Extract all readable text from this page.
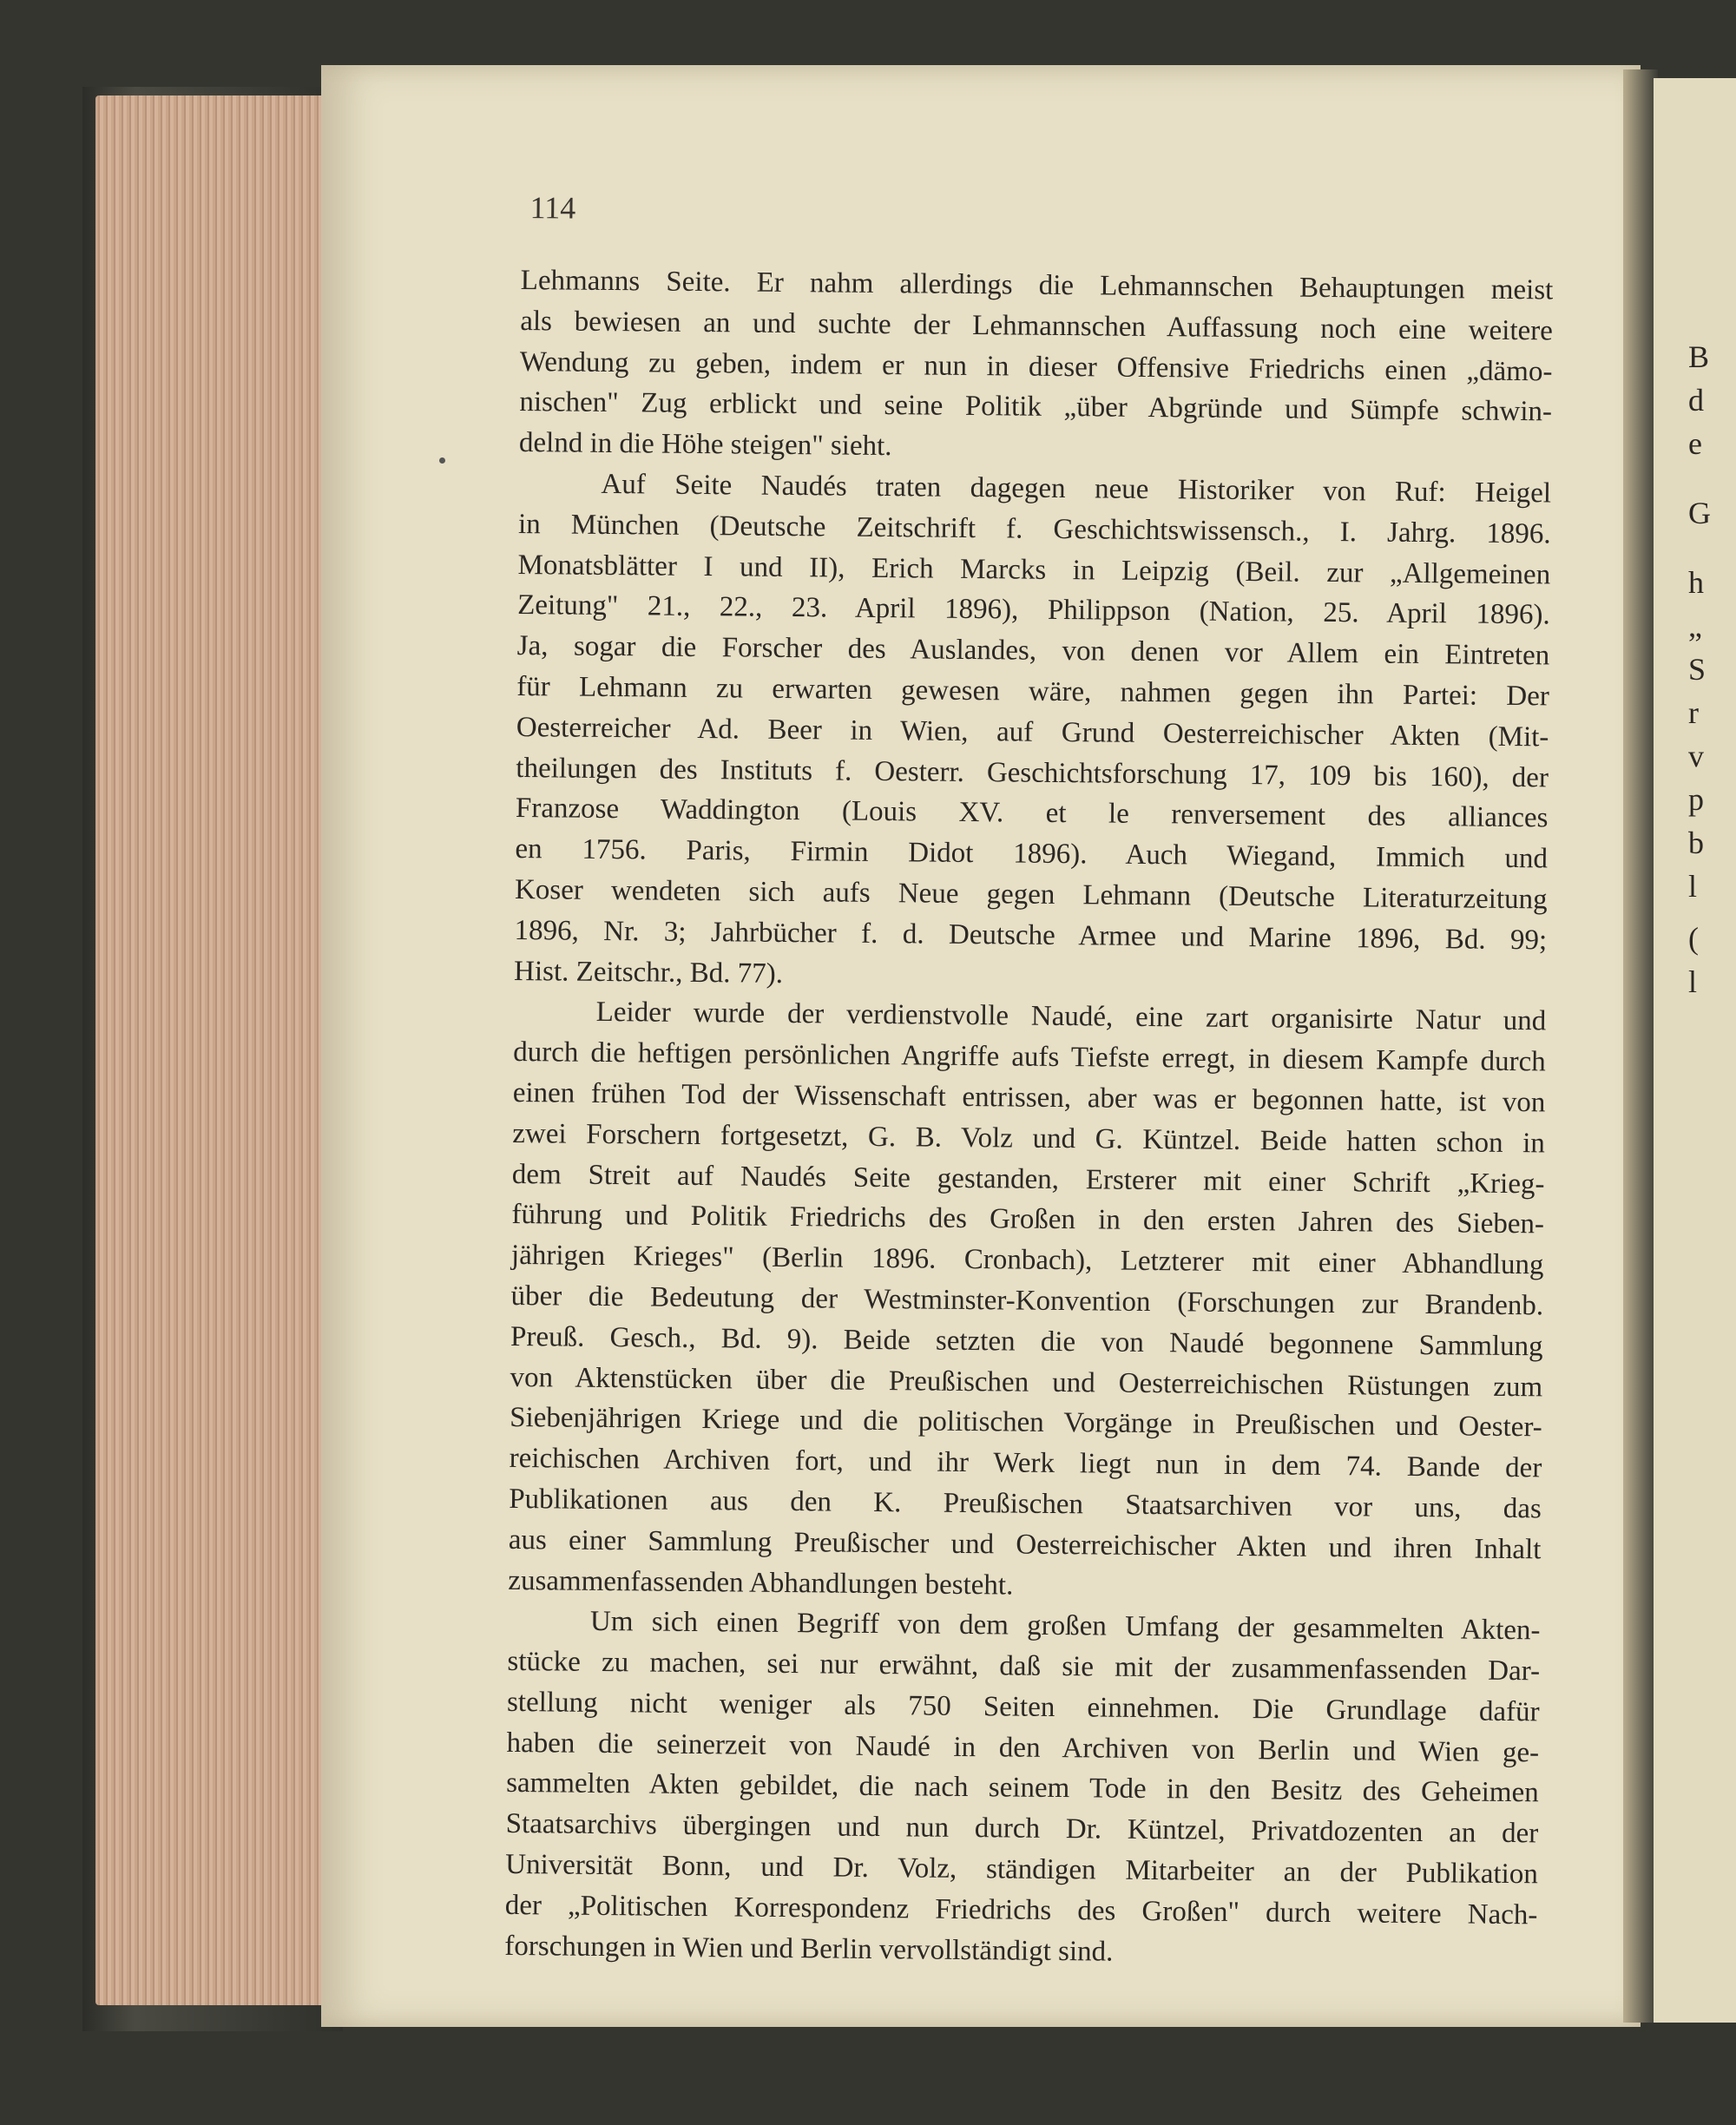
B
d
e
G
h
„
S
r
v
p
b
l
(
l
114
Lehmanns Seite. Er nahm allerdings die Lehmannschen Behauptungen meist
als bewiesen an und suchte der Lehmannschen Auffassung noch eine weitere
Wendung zu geben, indem er nun in dieser Offensive Friedrichs einen „dämo-
nischen" Zug erblickt und seine Politik „über Abgründe und Sümpfe schwin-
delnd in die Höhe steigen" sieht.
Auf Seite Naudés traten dagegen neue Historiker von Ruf: Heigel
in München (Deutsche Zeitschrift f. Geschichtswissensch., I. Jahrg. 1896.
Monatsblätter I und II), Erich Marcks in Leipzig (Beil. zur „Allgemeinen
Zeitung" 21., 22., 23. April 1896), Philippson (Nation, 25. April 1896).
Ja, sogar die Forscher des Auslandes, von denen vor Allem ein Eintreten
für Lehmann zu erwarten gewesen wäre, nahmen gegen ihn Partei: Der
Oesterreicher Ad. Beer in Wien, auf Grund Oesterreichischer Akten (Mit-
theilungen des Instituts f. Oesterr. Geschichtsforschung 17, 109 bis 160), der
Franzose Waddington (Louis XV. et le renversement des alliances
en 1756. Paris, Firmin Didot 1896). Auch Wiegand, Immich und
Koser wendeten sich aufs Neue gegen Lehmann (Deutsche Literaturzeitung
1896, Nr. 3; Jahrbücher f. d. Deutsche Armee und Marine 1896, Bd. 99;
Hist. Zeitschr., Bd. 77).
Leider wurde der verdienstvolle Naudé, eine zart organisirte Natur und
durch die heftigen persönlichen Angriffe aufs Tiefste erregt, in diesem Kampfe durch
einen frühen Tod der Wissenschaft entrissen, aber was er begonnen hatte, ist von
zwei Forschern fortgesetzt, G. B. Volz und G. Küntzel. Beide hatten schon in
dem Streit auf Naudés Seite gestanden, Ersterer mit einer Schrift „Krieg-
führung und Politik Friedrichs des Großen in den ersten Jahren des Sieben-
jährigen Krieges" (Berlin 1896. Cronbach), Letzterer mit einer Abhandlung
über die Bedeutung der Westminster-Konvention (Forschungen zur Brandenb.
Preuß. Gesch., Bd. 9). Beide setzten die von Naudé begonnene Sammlung
von Aktenstücken über die Preußischen und Oesterreichischen Rüstungen zum
Siebenjährigen Kriege und die politischen Vorgänge in Preußischen und Oester-
reichischen Archiven fort, und ihr Werk liegt nun in dem 74. Bande der
Publikationen aus den K. Preußischen Staatsarchiven vor uns, das
aus einer Sammlung Preußischer und Oesterreichischer Akten und ihren Inhalt
zusammenfassenden Abhandlungen besteht.
Um sich einen Begriff von dem großen Umfang der gesammelten Akten-
stücke zu machen, sei nur erwähnt, daß sie mit der zusammenfassenden Dar-
stellung nicht weniger als 750 Seiten einnehmen. Die Grundlage dafür
haben die seinerzeit von Naudé in den Archiven von Berlin und Wien ge-
sammelten Akten gebildet, die nach seinem Tode in den Besitz des Geheimen
Staatsarchivs übergingen und nun durch Dr. Küntzel, Privatdozenten an der
Universität Bonn, und Dr. Volz, ständigen Mitarbeiter an der Publikation
der „Politischen Korrespondenz Friedrichs des Großen" durch weitere Nach-
forschungen in Wien und Berlin vervollständigt sind.
